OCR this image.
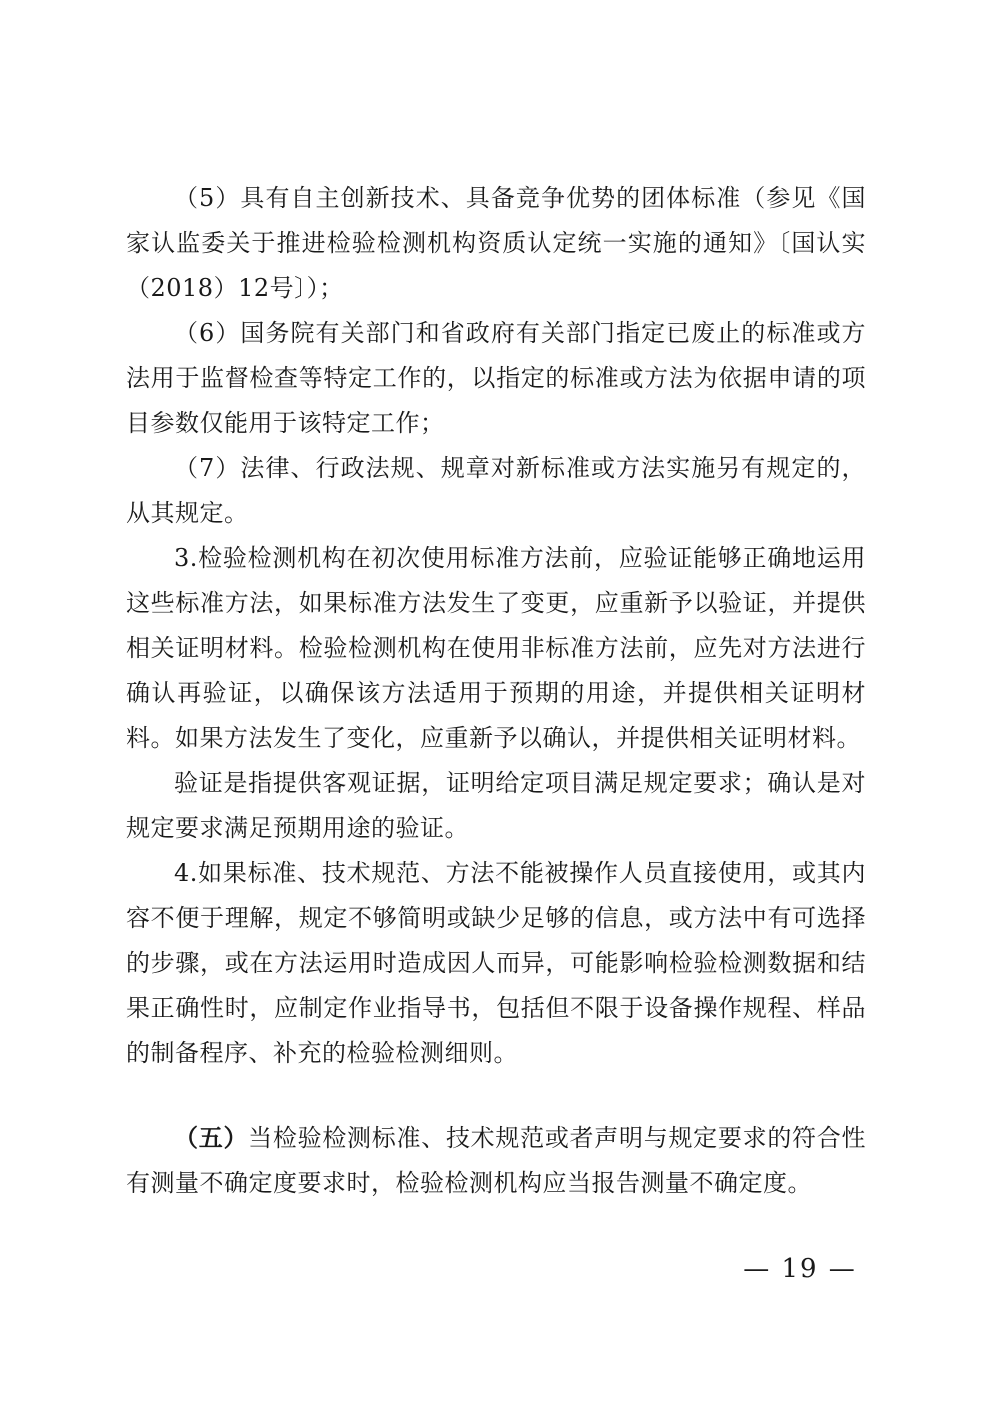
（5）具有自主创新技术、具备竞争优势的团体标准（参见《国家认监委关于推进检验检测机构资质认定统一实施的通知》〔国认实（2018）12号〕）；

（6）国务院有关部门和省政府有关部门指定已废止的标准或方法用于监督检查等特定工作的，以指定的标准或方法为依据申请的项目参数仅能用于该特定工作；

（7）法律、行政法规、规章对新标准或方法实施另有规定的，从其规定。

3.检验检测机构在初次使用标准方法前，应验证能够正确地运用这些标准方法，如果标准方法发生了变更，应重新予以验证，并提供相关证明材料。检验检测机构在使用非标准方法前，应先对方法进行确认再验证，以确保该方法适用于预期的用途，并提供相关证明材料。如果方法发生了变化，应重新予以确认，并提供相关证明材料。

验证是指提供客观证据，证明给定项目满足规定要求；确认是对规定要求满足预期用途的验证。

4.如果标准、技术规范、方法不能被操作人员直接使用，或其内容不便于理解，规定不够简明或缺少足够的信息，或方法中有可选择的步骤，或在方法运用时造成因人而异，可能影响检验检测数据和结果正确性时，应制定作业指导书，包括但不限于设备操作规程、样品的制备程序、补充的检验检测细则。

（五）当检验检测标准、技术规范或者声明与规定要求的符合性有测量不确定度要求时，检验检测机构应当报告测量不确定度。

— 19 —
